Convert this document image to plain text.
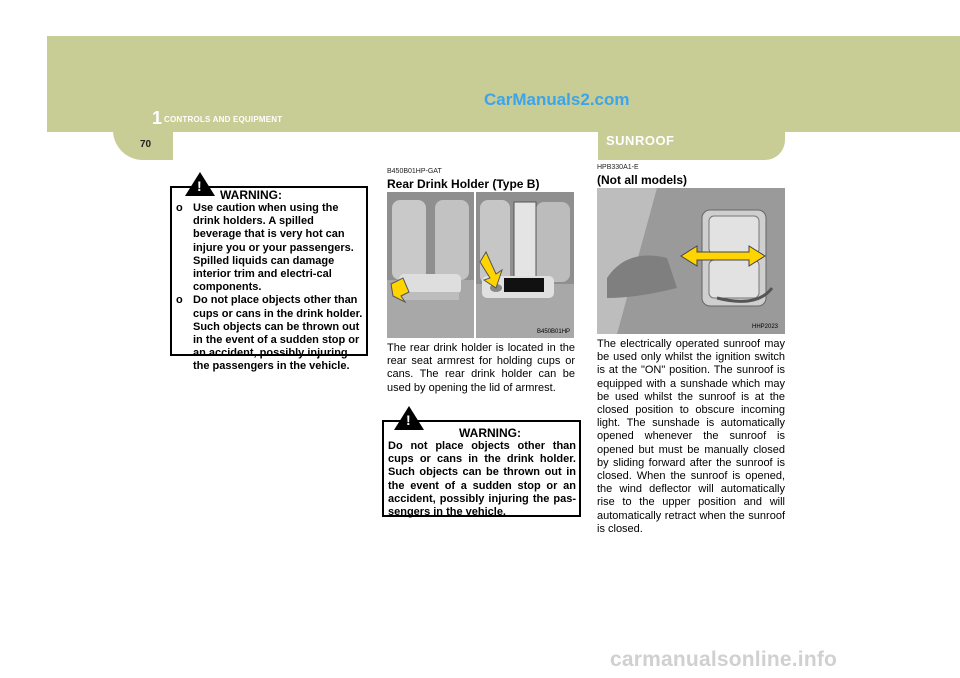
1 CONTROLS AND EQUIPMENT
CarManuals2.com
70	SUNROOF
!
WARNING:
o Use caution when using the drink holders. A spilled beverage that is very hot can injure you or your passengers. Spilled liquids can damage interior trim and electri-cal components.
o Do not place objects other than cups or cans in the drink holder. Such objects can be thrown out in the event of a sudden stop or an accident, possibly injuring the passengers in the vehicle.
B450B01HP-GAT
Rear Drink Holder (Type B)
B450B01HP
The rear drink holder is located in the rear seat armrest for holding cups or cans. The rear drink holder can be used by opening the lid of armrest.
!
WARNING:
Do not place objects other than cups or cans in the drink holder. Such objects can be thrown out in the event of a sudden stop or an accident, possibly injuring the pas-sengers in the vehicle.
HPB330A1-E
(Not all models)
HHP2023
The electrically operated sunroof may be used only whilst the ignition switch is at the "ON" position. The sunroof is equipped with a sunshade which may be used whilst the sunroof is at the closed position to obscure incoming light. The sunshade is automatically opened whenever the sunroof is opened but must be manually closed by sliding forward after the sunroof is closed. When the sunroof is opened, the wind deflector will automatically rise to the upper position and will automatically retract when the sunroof is closed.
carmanualsonline.info
